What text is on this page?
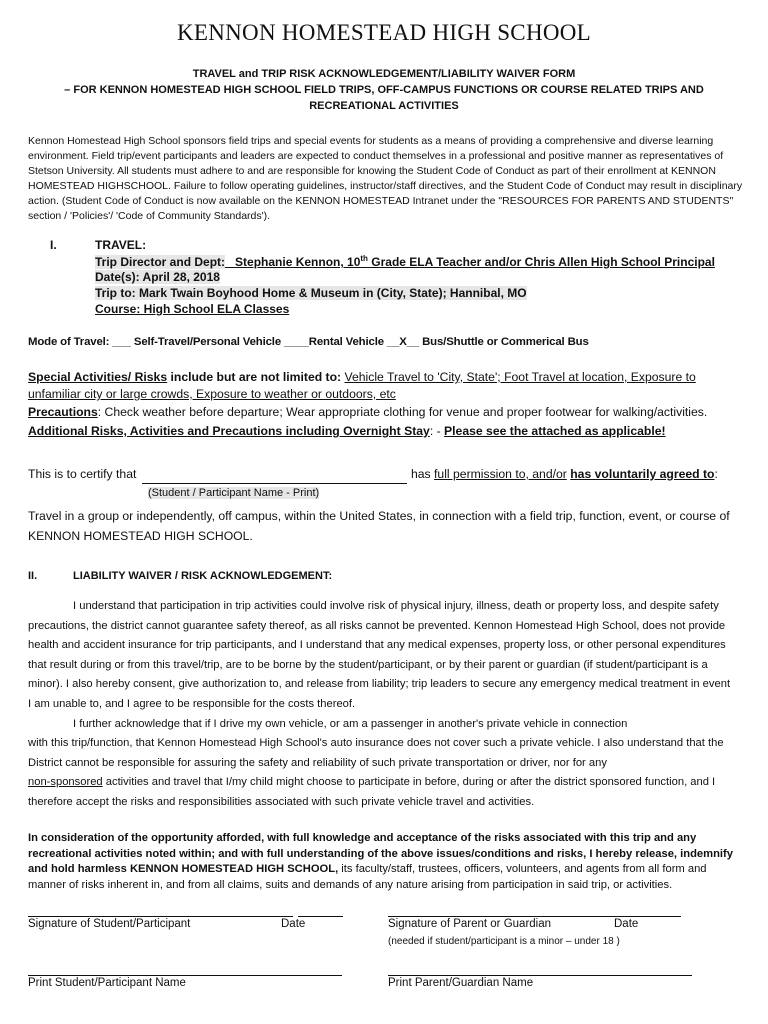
KENNON HOMESTEAD HIGH SCHOOL
TRAVEL and TRIP RISK ACKNOWLEDGEMENT/LIABILITY WAIVER FORM
– FOR KENNON HOMESTEAD HIGH SCHOOL FIELD TRIPS, OFF-CAMPUS FUNCTIONS OR COURSE RELATED TRIPS AND
RECREATIONAL ACTIVITIES
Kennon Homestead High School sponsors field trips and special events for students as a means of providing a comprehensive and diverse learning
environment. Field trip/event participants and leaders are expected to conduct themselves in a professional and positive manner as representatives of
Stetson University. All students must adhere to and are responsible for knowing the Student Code of Conduct as part of their enrollment at KENNON
HOMESTEAD HIGHSCHOOL. Failure to follow operating guidelines, instructor/staff directives, and the Student Code of Conduct may result in disciplinary
action. (Student Code of Conduct is now available on the KENNON HOMESTEAD Intranet under the "RESOURCES FOR PARENTS AND STUDENTS"
section / 'Policies'/ 'Code of Community Standards').
I.	TRAVEL:
Trip Director and Dept:_ Stephanie Kennon, 10th Grade ELA Teacher and/or Chris Allen High School Principal
Date(s): April 28, 2018
Trip to: Mark Twain Boyhood Home & Museum in (City, State); Hannibal, MO
Course: High School ELA Classes
Mode of Travel: ___ Self-Travel/Personal Vehicle ____Rental Vehicle __X__ Bus/Shuttle or Commerical Bus
Special Activities/ Risks include but are not limited to: Vehicle Travel to 'City, State'; Foot Travel at location, Exposure to
unfamiliar city or large crowds, Exposure to weather or outdoors, etc
Precautions: Check weather before departure; Wear appropriate clothing for venue and proper footwear for walking/activities.
Additional Risks, Activities and Precautions including Overnight Stay: - Please see the attached as applicable!
This is to certify that	has full permission to, and/or has voluntarily agreed to:
(Student / Participant Name - Print)
Travel in a group or independently, off campus, within the United States, in connection with a field trip, function, event, or course of
KENNON HOMESTEAD HIGH SCHOOL.
II.	LIABILITY WAIVER / RISK ACKNOWLEDGEMENT:

I understand that participation in trip activities could involve risk of physical injury, illness, death or property loss, and despite safety

precautions, the district cannot guarantee safety thereof, as all risks cannot be prevented. Kennon Homestead High School, does not provide

health and accident insurance for trip participants, and I understand that any medical expenses, property loss, or other personal expenditures

that result during or from this travel/trip, are to be borne by the student/participant, or by their parent or guardian (if student/participant is a

minor). I also hereby consent, give authorization to, and release from liability; trip leaders to secure any emergency medical treatment in event

I am unable to, and I agree to be responsible for the costs thereof.

I further acknowledge that if I drive my own vehicle, or am a passenger in another's private vehicle in connection

with this trip/function, that Kennon Homestead High School's auto insurance does not cover such a private vehicle. I also understand that the

District cannot be responsible for assuring the safety and reliability of such private transportation or driver, nor for any

non-sponsored activities and travel that I/my child might choose to participate in before, during or after the district sponsored function, and I

therefore accept the risks and responsibilities associated with such private vehicle travel and activities.

In consideration of the opportunity afforded, with full knowledge and acceptance of the risks associated with this trip and any
recreational activities noted within; and with full understanding of the above issues/conditions and risks, I hereby release, indemnify
and hold harmless KENNON HOMESTEAD HIGH SCHOOL, its faculty/staff, trustees, officers, volunteers, and agents from all form and
manner of risks inherent in, and from all claims, suits and demands of any nature arising from participation in said trip, or activities.
Signature of Student/Participant	Date	Signature of Parent or Guardian	Date
(needed if student/participant is a minor – under 18 )
Print Student/Participant Name	Print Parent/Guardian Name
